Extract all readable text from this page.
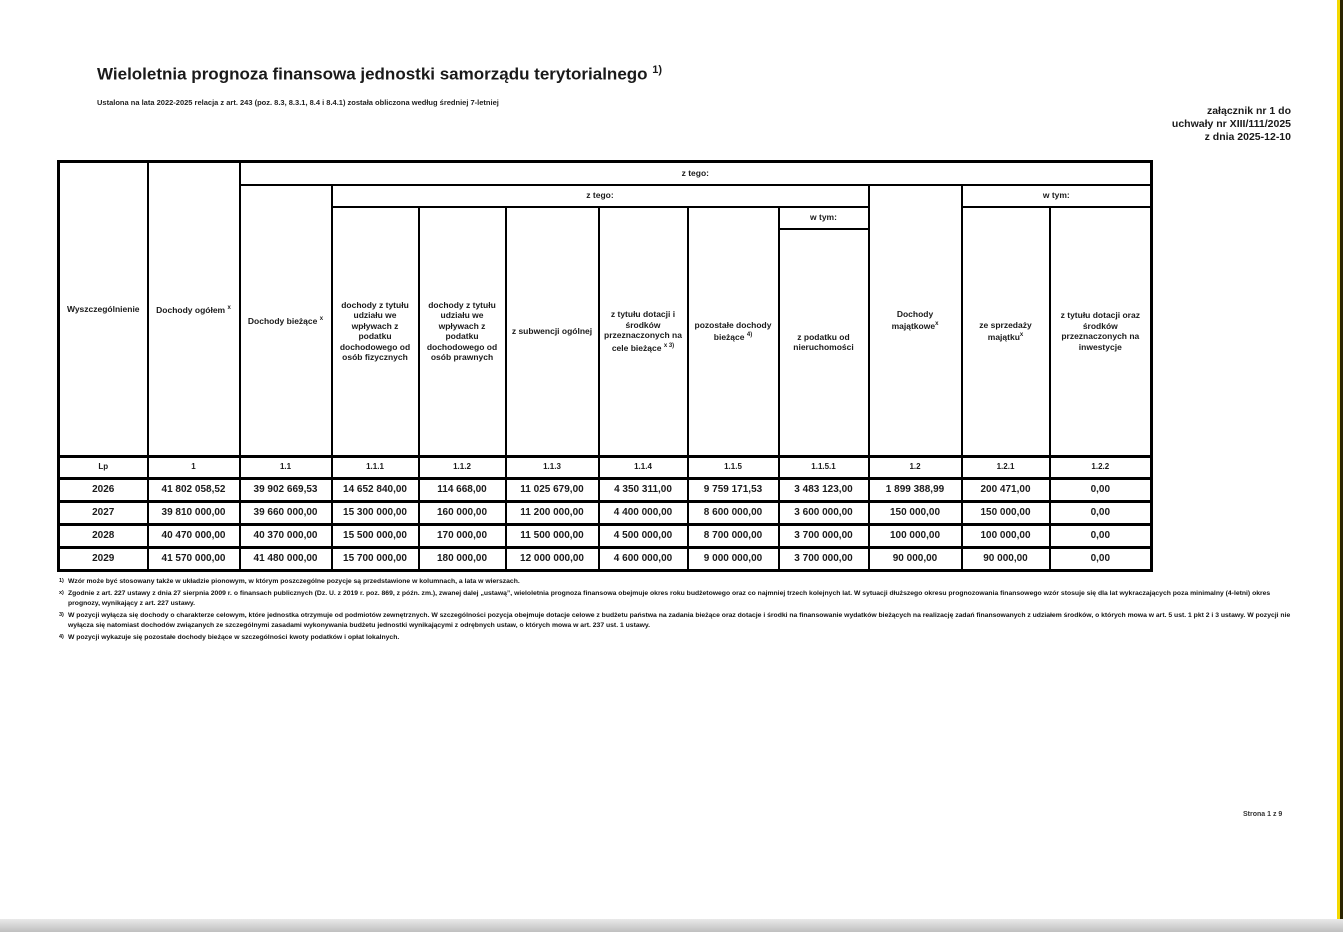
Wieloletnia prognoza finansowa jednostki samorządu terytorialnego $^{1)}$
Ustalona na lata 2022-2025 relacja z art. 243 (poz. 8.3, 8.3.1, 8.4 i 8.4.1) została obliczona według średniej 7-letniej
załącznik nr 1 do
uchwały nr XIII/111/2025
z dnia 2025-12-10
Wyszczególnienie	Dochody ogółem $^x$	z tego:									
		Dochody bieżące $^x$	z tego:						Dochody majątkowe$^x$	w tym:	
			dochody z tytułu udziału we wpływach z podatku dochodowego od osób fizycznych	dochody z tytułu udziału we wpływach z podatku dochodowego od osób prawnych	z subwencji ogólnej	z tytułu dotacji i środków przeznaczonych na cele bieżące $^{x 3)}$	pozostałe dochody bieżące $^{4)}$	w tym:		ze sprzedaży majątku$^x$	z tytułu dotacji oraz środków przeznaczonych na inwestycje
								z podatku od nieruchomości			
Lp	1	1.1	1.1.1	1.1.2	1.1.3	1.1.4	1.1.5	1.1.5.1	1.2	1.2.1	1.2.2
2026	41 802 058,52	39 902 669,53	14 652 840,00	114 668,00	11 025 679,00	4 350 311,00	9 759 171,53	3 483 123,00	1 899 388,99	200 471,00	0,00
2027	39 810 000,00	39 660 000,00	15 300 000,00	160 000,00	11 200 000,00	4 400 000,00	8 600 000,00	3 600 000,00	150 000,00	150 000,00	0,00
2028	40 470 000,00	40 370 000,00	15 500 000,00	170 000,00	11 500 000,00	4 500 000,00	8 700 000,00	3 700 000,00	100 000,00	100 000,00	0,00
2029	41 570 000,00	41 480 000,00	15 700 000,00	180 000,00	12 000 000,00	4 600 000,00	9 000 000,00	3 700 000,00	90 000,00	90 000,00	0,00
1) Wzór może być stosowany także w układzie pionowym, w którym poszczególne pozycje są przedstawione w kolumnach, a lata w wierszach.
x) Zgodnie z art. 227 ustawy z dnia 27 sierpnia 2009 r. o finansach publicznych (Dz. U. z 2019 r. poz. 869, z późn. zm.), zwanej dalej „ustawą”, wieloletnia prognoza finansowa obejmuje okres roku budżetowego oraz co najmniej trzech kolejnych lat. W sytuacji dłuższego okresu prognozowania finansowego wzór stosuje się dla lat wykraczających poza minimalny (4-letni) okres prognozy, wynikający z art. 227 ustawy.
3) W pozycji wyłącza się dochody o charakterze celowym, które jednostka otrzymuje od podmiotów zewnętrznych. W szczególności pozycja obejmuje dotacje celowe z budżetu państwa na zadania bieżące oraz dotacje i środki na finansowanie wydatków bieżących na realizację zadań finansowanych z udziałem środków, o których mowa w art. 5 ust. 1 pkt 2 i 3 ustawy. W pozycji nie wyłącza się natomiast dochodów związanych ze szczególnymi zasadami wykonywania budżetu jednostki wynikającymi z odrębnych ustaw, o których mowa w art. 237 ust. 1 ustawy.
4) W pozycji wykazuje się pozostałe dochody bieżące w szczególności kwoty podatków i opłat lokalnych.
Strona 1 z 9
